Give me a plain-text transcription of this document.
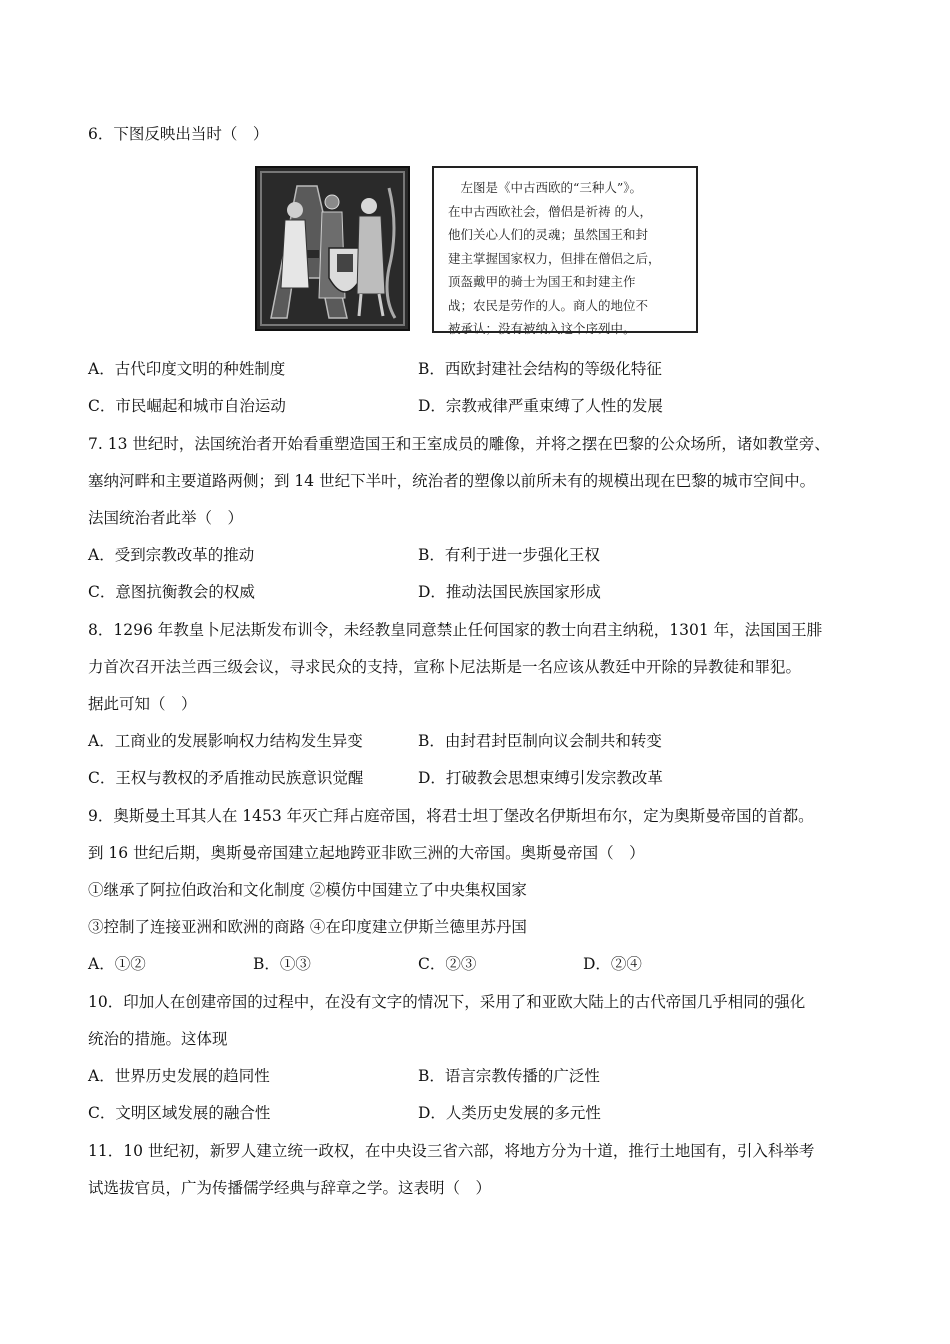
6．下图反映出当时（　）

　左图是《中古西欧的“三种人”》。

在中古西欧社会，僧侣是祈祷 的人，

他们关心人们的灵魂；虽然国王和封

建主掌握国家权力，但排在僧侣之后，

顶盔戴甲的骑士为国王和封建主作

战；农民是劳作的人。商人的地位不

被承认；没有被纳入这个序列中。

A．古代印度文明的种姓制度	B．西欧封建社会结构的等级化特征
C．市民崛起和城市自治运动	D．宗教戒律严重束缚了人性的发展
7. 13 世纪时，法国统治者开始看重塑造国王和王室成员的雕像，并将之摆在巴黎的公众场所，诸如教堂旁、
塞纳河畔和主要道路两侧；到 14 世纪下半叶，统治者的塑像以前所未有的规模出现在巴黎的城市空间中。
法国统治者此举（　）
A．受到宗教改革的推动	B．有利于进一步强化王权
C．意图抗衡教会的权威	D．推动法国民族国家形成
8．1296 年教皇卜尼法斯发布训令，未经教皇同意禁止任何国家的教士向君主纳税，1301 年，法国国王腓
力首次召开法兰西三级会议，寻求民众的支持，宣称卜尼法斯是一名应该从教廷中开除的异教徒和罪犯。
据此可知（　）
A．工商业的发展影响权力结构发生异变	B．由封君封臣制向议会制共和转变
C．王权与教权的矛盾推动民族意识觉醒	D．打破教会思想束缚引发宗教改革
9．奥斯曼土耳其人在 1453 年灭亡拜占庭帝国，将君士坦丁堡改名伊斯坦布尔，定为奥斯曼帝国的首都。
到 16 世纪后期，奥斯曼帝国建立起地跨亚非欧三洲的大帝国。奥斯曼帝国（　）
①继承了阿拉伯政治和文化制度 ②模仿中国建立了中央集权国家
③控制了连接亚洲和欧洲的商路 ④在印度建立伊斯兰德里苏丹国
A．①②	B．①③	C．②③	D．②④
10．印加人在创建帝国的过程中，在没有文字的情况下，采用了和亚欧大陆上的古代帝国几乎相同的强化
统治的措施。这体现
A．世界历史发展的趋同性	B．语言宗教传播的广泛性
C．文明区域发展的融合性	D．人类历史发展的多元性
11．10 世纪初，新罗人建立统一政权，在中央设三省六部，将地方分为十道，推行土地国有，引入科举考
试选拔官员，广为传播儒学经典与辞章之学。这表明（　）
